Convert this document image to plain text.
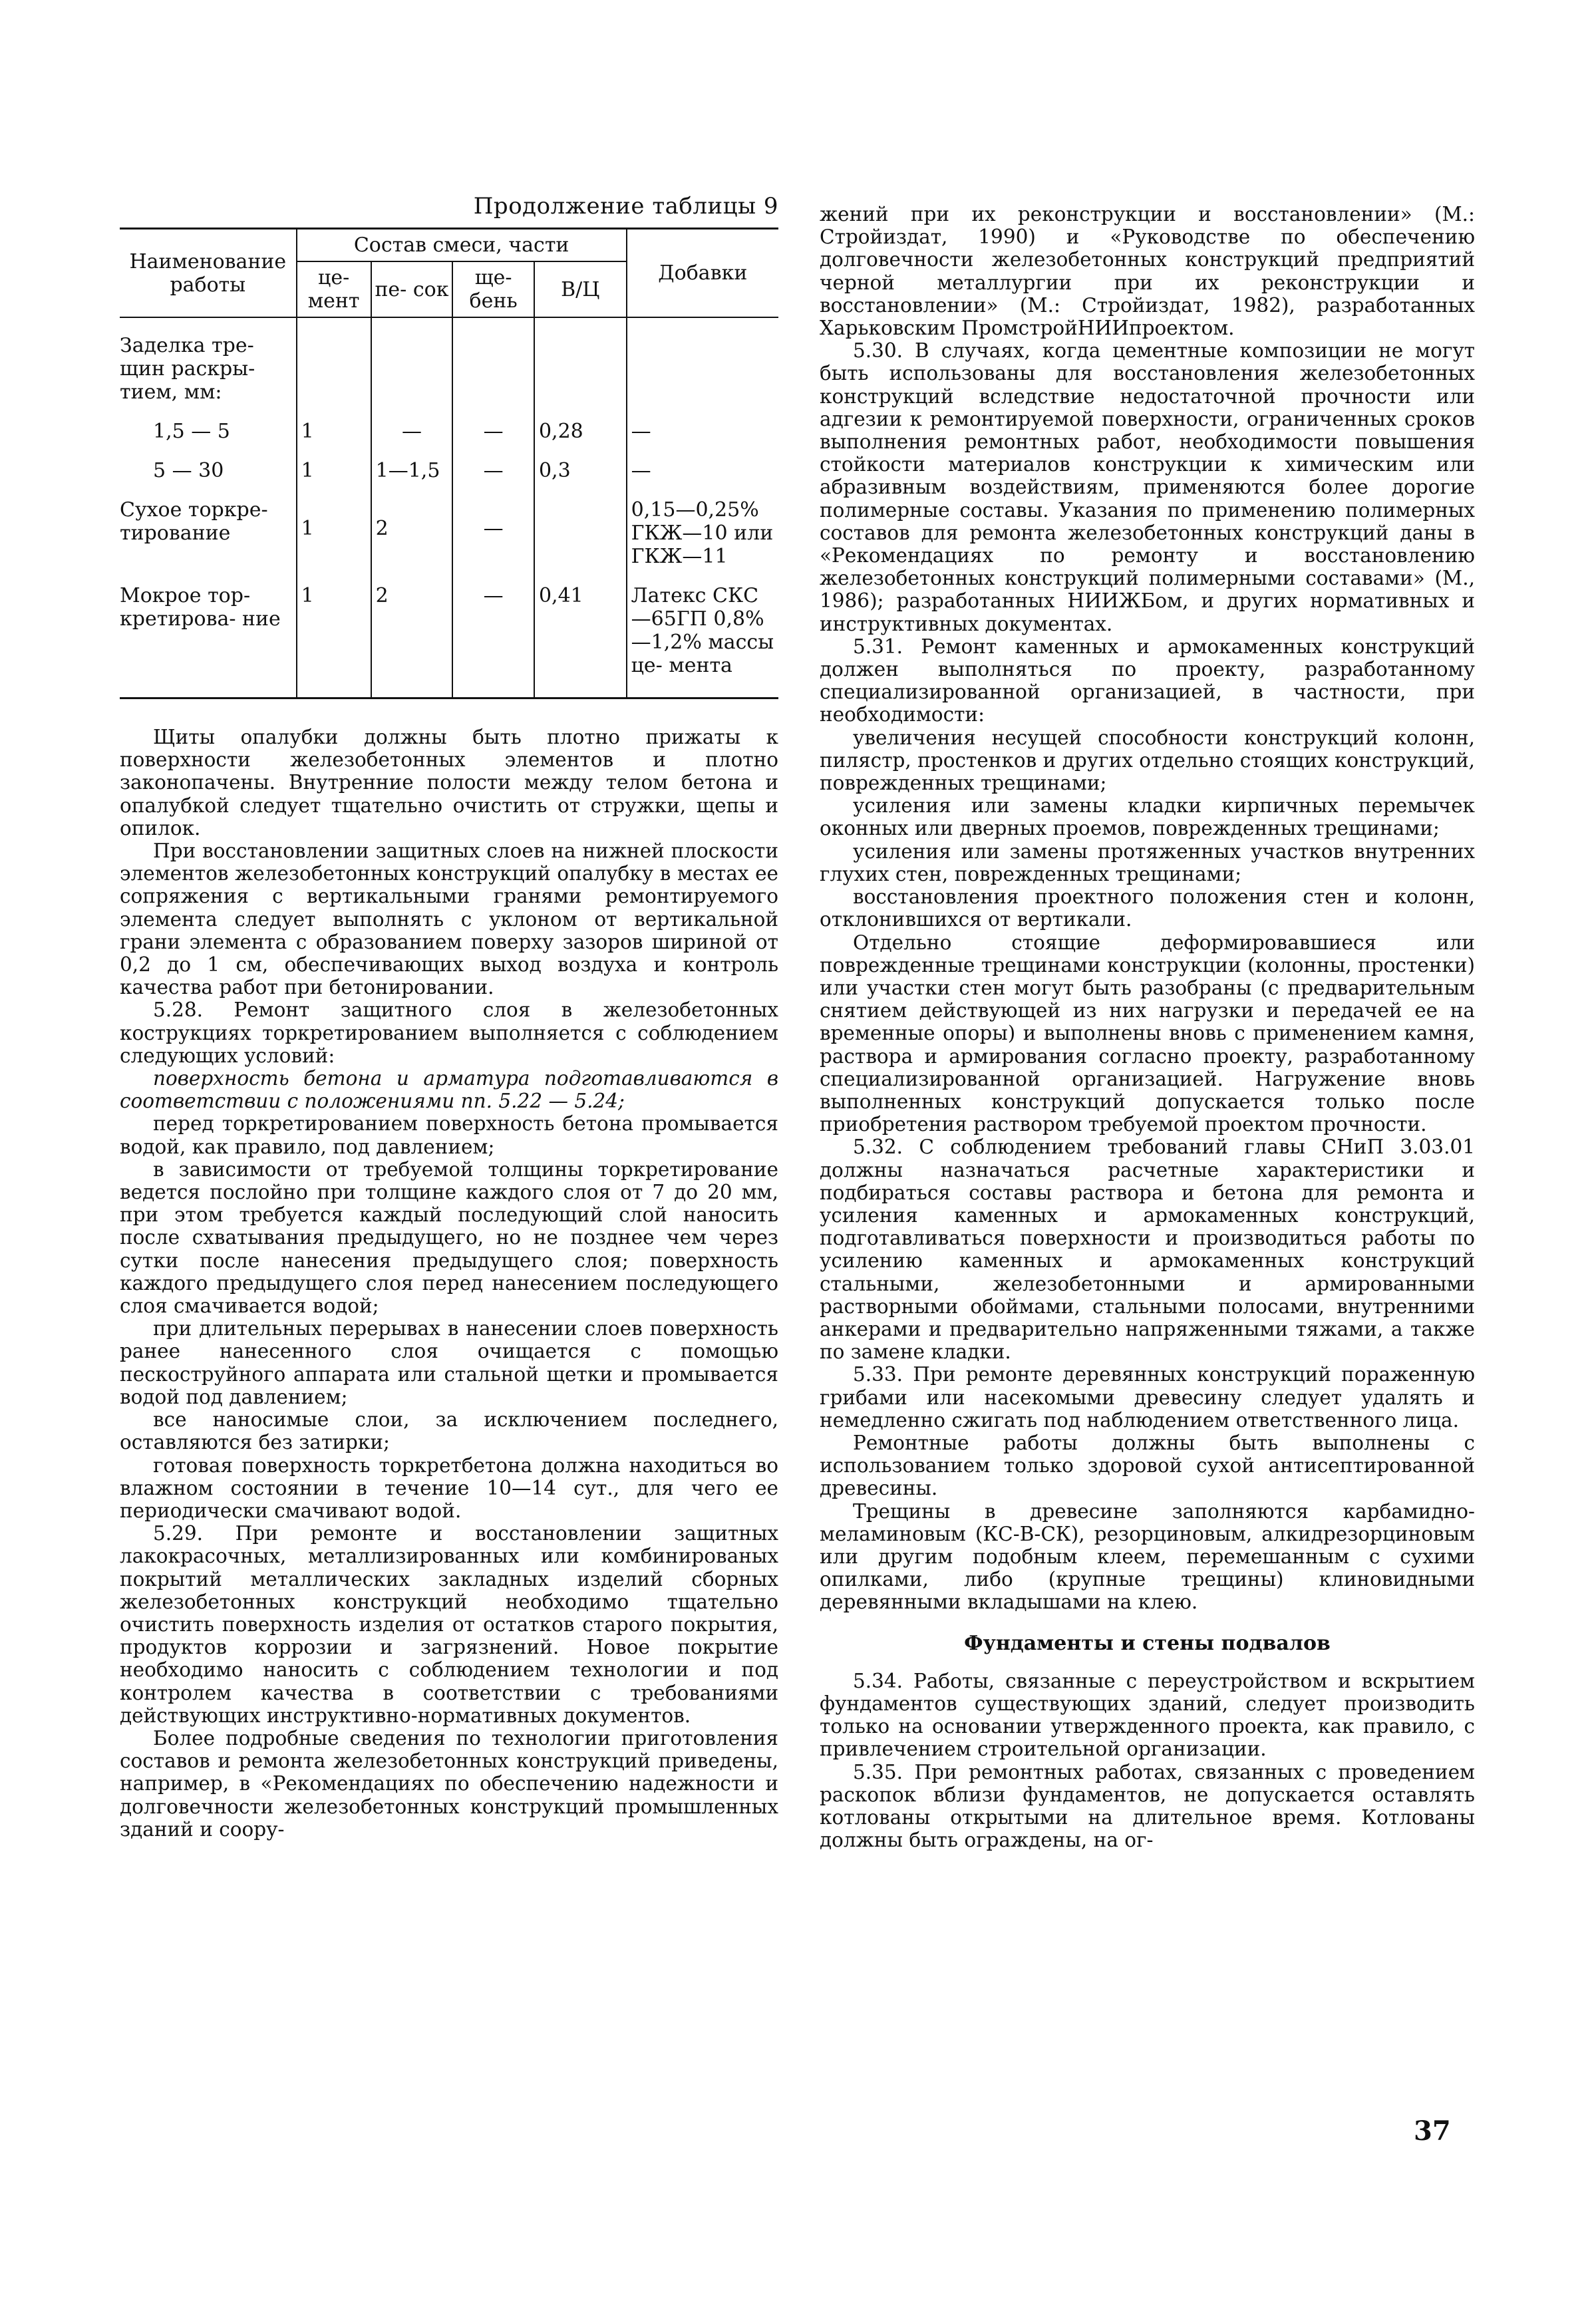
Продолжение таблицы 9
Наименование работы	Состав смеси, части				Добавки
	це- мент	пе- сок	ще- бень	В/Ц	
Заделка тре- щин раскры- тием, мм:					
1,5 — 5	1	—	—	0,28	—
5 — 30	1	1—1,5	—	0,3	—
Сухое торкре- тирование	1	2	—		0,15—0,25% ГКЖ—10 или ГКЖ—11
Мокрое тор- кретирова- ние	1	2	—	0,41	Латекс СКС—65ГП 0,8%—1,2% массы це- мента

Щиты опалубки должны быть плотно прижаты к поверхности железобетонных элементов и плотно законопачены. Внутренние полости между телом бетона и опалубкой следует тщательно очистить от стружки, щепы и опилок.

При восстановлении защитных слоев на нижней плоскости элементов железобетонных конструкций опалубку в местах ее сопряжения с вертикальными гранями ремонтируемого элемента следует выполнять с уклоном от вертикальной грани элемента с образованием поверху зазоров шириной от 0,2 до 1 см, обеспечивающих выход воздуха и контроль качества работ при бетонировании.

5.28. Ремонт защитного слоя в железобетонных кострукциях торкретированием выполняется с соблюдением следующих условий:

поверхность бетона и арматура подготавливаются в соответствии с положениями пп. 5.22 — 5.24;

перед торкретированием поверхность бетона промывается водой, как правило, под давлением;

в зависимости от требуемой толщины торкретирование ведется послойно при толщине каждого слоя от 7 до 20 мм, при этом требуется каждый последующий слой наносить после схватывания предыдущего, но не позднее чем через сутки после нанесения предыдущего слоя; поверхность каждого предыдущего слоя перед нанесением последующего слоя смачивается водой;

при длительных перерывах в нанесении слоев поверхность ранее нанесенного слоя очищается с помощью пескоструйного аппарата или стальной щетки и промывается водой под давлением;

все наносимые слои, за исключением последнего, оставляются без затирки;

готовая поверхность торкретбетона должна находиться во влажном состоянии в течение 10—14 сут., для чего ее периодически смачивают водой.

5.29. При ремонте и восстановлении защитных лакокрасочных, металлизированных или комбинированых покрытий металлических закладных изделий сборных железобетонных конструкций необходимо тщательно очистить поверхность изделия от остатков старого покрытия, продуктов коррозии и загрязнений. Новое покрытие необходимо наносить с соблюдением технологии и под контролем качества в соответствии с требованиями действующих инструктивно-нормативных документов.

Более подробные сведения по технологии приготовления составов и ремонта железобетонных конструкций приведены, например, в «Рекомендациях по обеспечению надежности и долговечности железобетонных конструкций промышленных зданий и соору-

жений при их реконструкции и восстановлении» (М.: Стройиздат, 1990) и «Руководстве по обеспечению долговечности железобетонных конструкций предприятий черной металлургии при их реконструкции и восстановлении» (М.: Стройиздат, 1982), разработанных Харьковским ПромстройНИИпроектом.

5.30. В случаях, когда цементные композиции не могут быть использованы для восстановления железобетонных конструкций вследствие недостаточной прочности или адгезии к ремонтируемой поверхности, ограниченных сроков выполнения ремонтных работ, необходимости повышения стойкости материалов конструкции к химическим или абразивным воздействиям, применяются более дорогие полимерные составы. Указания по применению полимерных составов для ремонта железобетонных конструкций даны в «Рекомендациях по ремонту и восстановлению железобетонных конструкций полимерными составами» (М., 1986); разработанных НИИЖБом, и других нормативных и инструктивных документах.

5.31. Ремонт каменных и армокаменных конструкций должен выполняться по проекту, разработанному специализированной организацией, в частности, при необходимости:

увеличения несущей способности конструкций колонн, пилястр, простенков и других отдельно стоящих конструкций, поврежденных трещинами;

усиления или замены кладки кирпичных перемычек оконных или дверных проемов, поврежденных трещинами;

усиления или замены протяженных участков внутренних глухих стен, поврежденных трещинами;

восстановления проектного положения стен и колонн, отклонившихся от вертикали.

Отдельно стоящие деформировавшиеся или поврежденные трещинами конструкции (колонны, простенки) или участки стен могут быть разобраны (с предварительным снятием действующей из них нагрузки и передачей ее на временные опоры) и выполнены вновь с применением камня, раствора и армирования согласно проекту, разработанному специализированной организацией. Нагружение вновь выполненных конструкций допускается только после приобретения раствором требуемой проектом прочности.

5.32. С соблюдением требований главы СНиП 3.03.01 должны назначаться расчетные характеристики и подбираться составы раствора и бетона для ремонта и усиления каменных и армокаменных конструкций, подготавливаться поверхности и производиться работы по усилению каменных и армокаменных конструкций стальными, железобетонными и армированными растворными обоймами, стальными полосами, внутренними анкерами и предварительно напряженными тяжами, а также по замене кладки.

5.33. При ремонте деревянных конструкций пораженную грибами или насекомыми древесину следует удалять и немедленно сжигать под наблюдением ответственного лица.

Ремонтные работы должны быть выполнены с использованием только здоровой сухой антисептированной древесины.

Трещины в древесине заполняются карбамидно-меламиновым (КС-В-СК), резорциновым, алкидрезорциновым или другим подобным клеем, перемешанным с сухими опилками, либо (крупные трещины) клиновидными деревянными вкладышами на клею.

Фундаменты и стены подвалов

5.34. Работы, связанные с переустройством и вскрытием фундаментов существующих зданий, следует производить только на основании утвержденного проекта, как правило, с привлечением строительной организации.

5.35. При ремонтных работах, связанных с проведением раскопок вблизи фундаментов, не допускается оставлять котлованы открытыми на длительное время. Котлованы должны быть ограждены, на ог-

37
